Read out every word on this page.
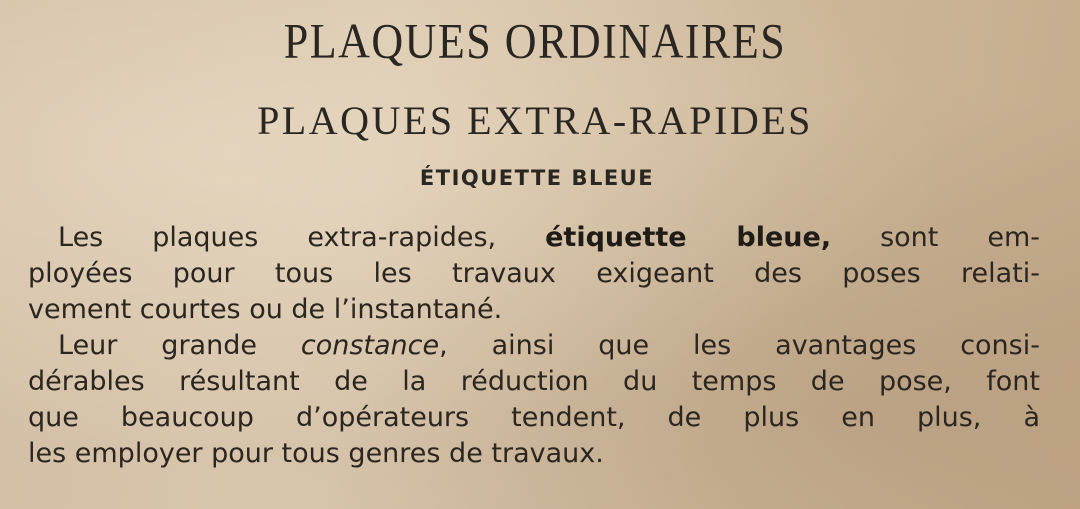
PLAQUES ORDINAIRES
PLAQUES EXTRA-RAPIDES
ÉTIQUETTE BLEUE
Les plaques extra-rapides, étiquette bleue, sont em-
ployées pour tous les travaux exigeant des poses relati-
vement courtes ou de l’instantané.
Leur grande constance, ainsi que les avantages consi-
dérables résultant de la réduction du temps de pose, font
que beaucoup d’opérateurs tendent, de plus en plus, à
les employer pour tous genres de travaux.
